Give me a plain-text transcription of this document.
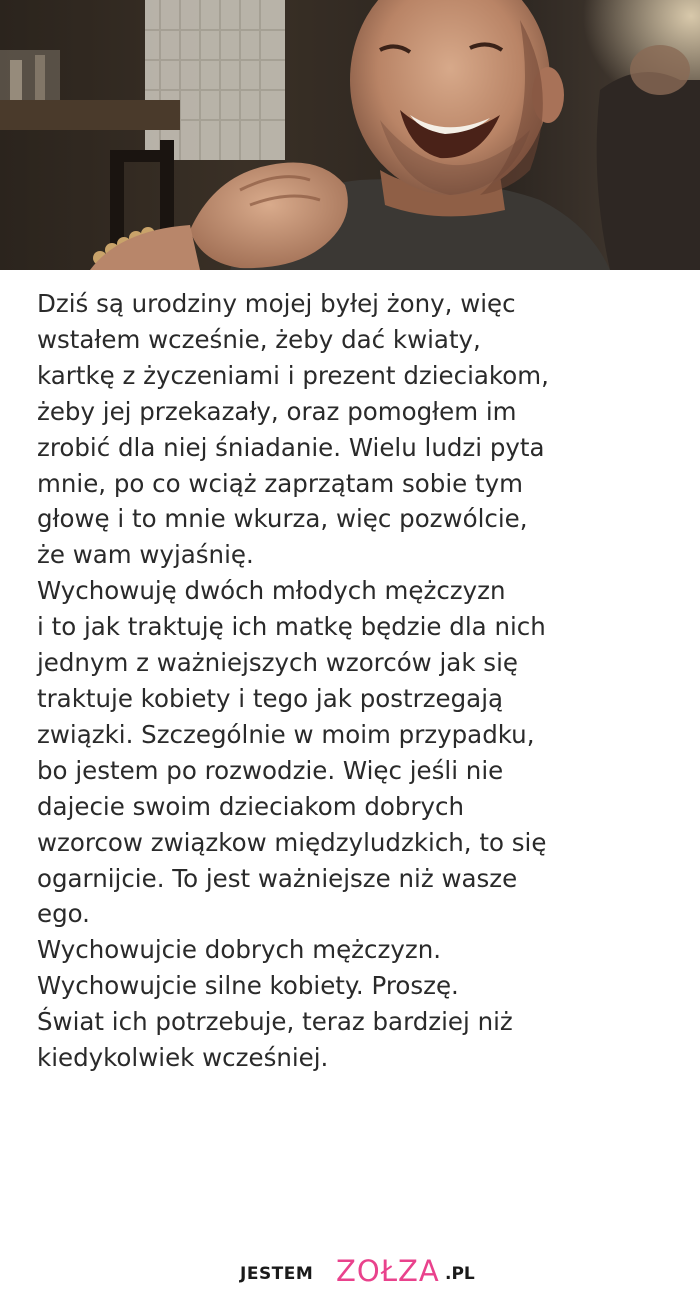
Dziś są urodziny mojej byłej żony, więc
wstałem wcześnie, żeby dać kwiaty,
kartkę z życzeniami i prezent dzieciakom,
żeby jej przekazały, oraz pomogłem im
zrobić dla niej śniadanie. Wielu ludzi pyta
mnie, po co wciąż zaprzątam sobie tym
głowę i to mnie wkurza, więc pozwólcie,
że wam wyjaśnię.
Wychowuję dwóch młodych mężczyzn
i to jak traktuję ich matkę będzie dla nich
jednym z ważniejszych wzorców jak się
traktuje kobiety i tego jak postrzegają
związki. Szczególnie w moim przypadku,
bo jestem po rozwodzie. Więc jeśli nie
dajecie swoim dzieciakom dobrych
wzorcow związkow międzyludzkich, to się
ogarnijcie. To jest ważniejsze niż wasze
ego.
Wychowujcie dobrych mężczyzn.
Wychowujcie silne kobiety. Proszę.
Świat ich potrzebuje, teraz bardziej niż
kiedykolwiek wcześniej.
JESTEM ZOŁZA .PL
